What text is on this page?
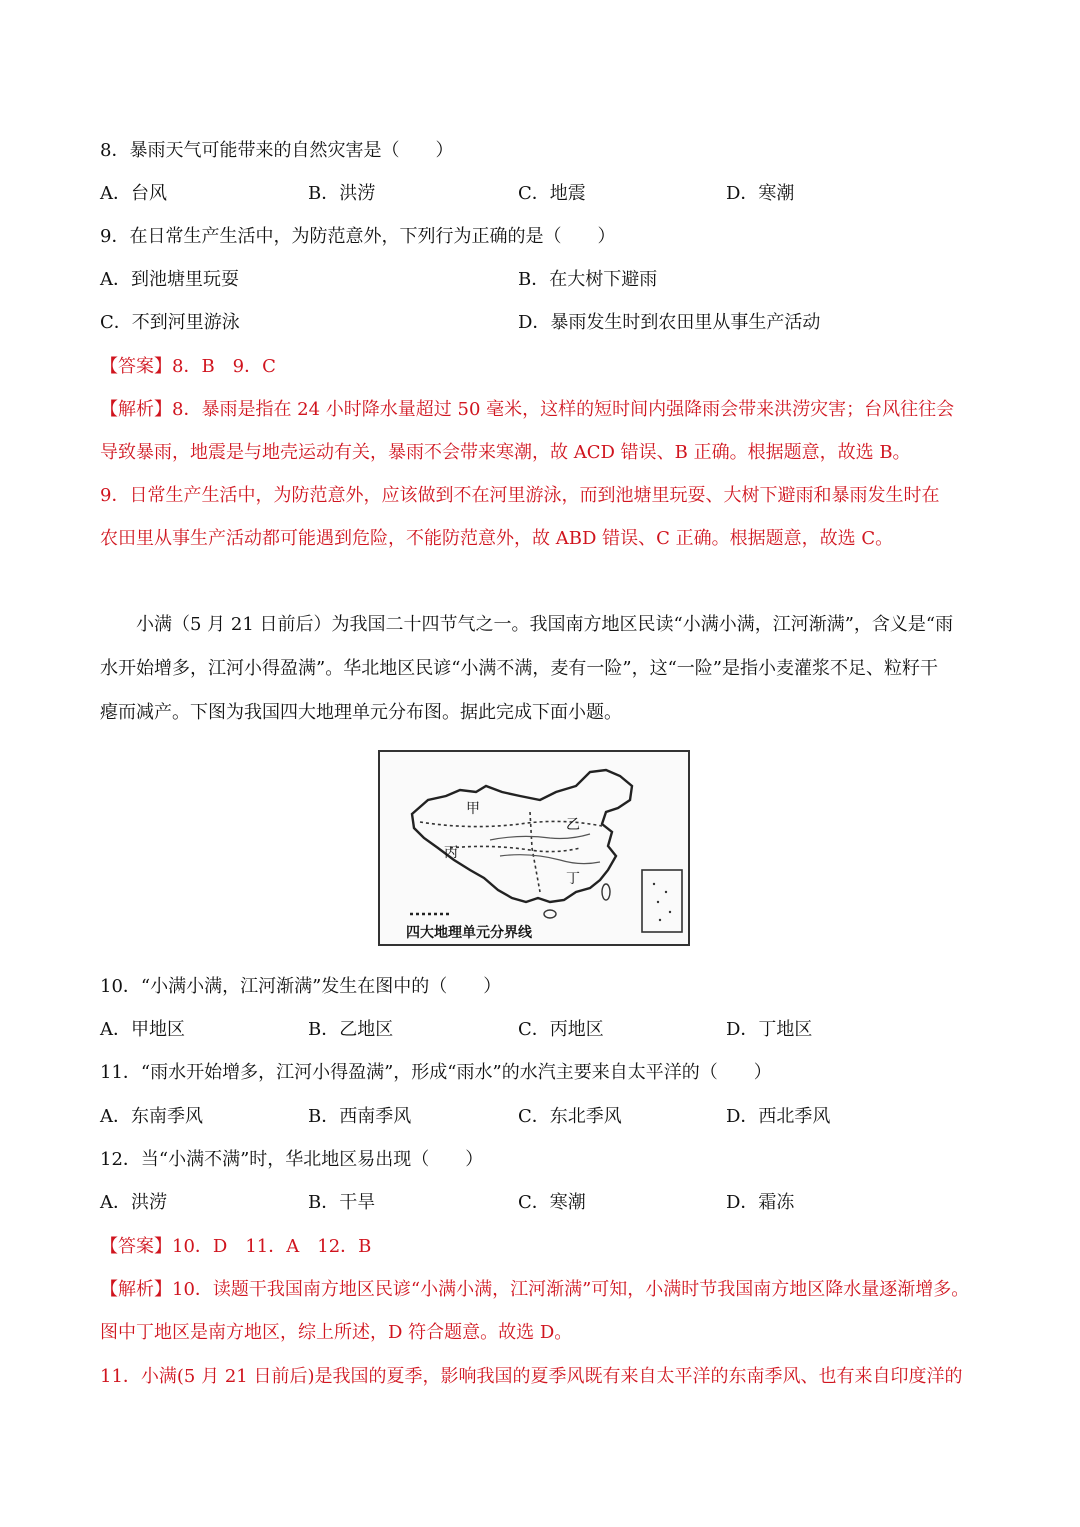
8．暴雨天气可能带来的自然灾害是（　　）
A．台风	B．洪涝	C．地震	D．寒潮
9．在日常生产生活中，为防范意外，下列行为正确的是（　　）
A．到池塘里玩耍	B．在大树下避雨
C．不到河里游泳	D．暴雨发生时到农田里从事生产活动
【答案】8．B　9．C
【解析】8．暴雨是指在 24 小时降水量超过 50 毫米，这样的短时间内强降雨会带来洪涝灾害；台风往往会
导致暴雨，地震是与地壳运动有关，暴雨不会带来寒潮，故 ACD 错误、B 正确。根据题意，故选 B。
9．日常生产生活中，为防范意外，应该做到不在河里游泳，而到池塘里玩耍、大树下避雨和暴雨发生时在
农田里从事生产活动都可能遇到危险，不能防范意外，故 ABD 错误、C 正确。根据题意，故选 C。
小满（5 月 21 日前后）为我国二十四节气之一。我国南方地区民读“小满小满，江河渐满”，含义是“雨
水开始增多，江河小得盈满”。华北地区民谚“小满不满，麦有一险”，这“一险”是指小麦灌浆不足、粒籽干
瘪而减产。下图为我国四大地理单元分布图。据此完成下面小题。
甲
乙
丙
丁
四大地理单元分界线
10．“小满小满，江河渐满”发生在图中的（　　）
A．甲地区	B．乙地区	C．丙地区	D．丁地区
11．“雨水开始增多，江河小得盈满”，形成“雨水”的水汽主要来自太平洋的（　　）
A．东南季风	B．西南季风	C．东北季风	D．西北季风
12．当“小满不满”时，华北地区易出现（　　）
A．洪涝	B．干旱	C．寒潮	D．霜冻
【答案】10．D　11．A　12．B
【解析】10．读题干我国南方地区民谚“小满小满，江河渐满”可知，小满时节我国南方地区降水量逐渐增多。
图中丁地区是南方地区，综上所述，D 符合题意。故选 D。
11．小满(5 月 21 日前后)是我国的夏季，影响我国的夏季风既有来自太平洋的东南季风、也有来自印度洋的
